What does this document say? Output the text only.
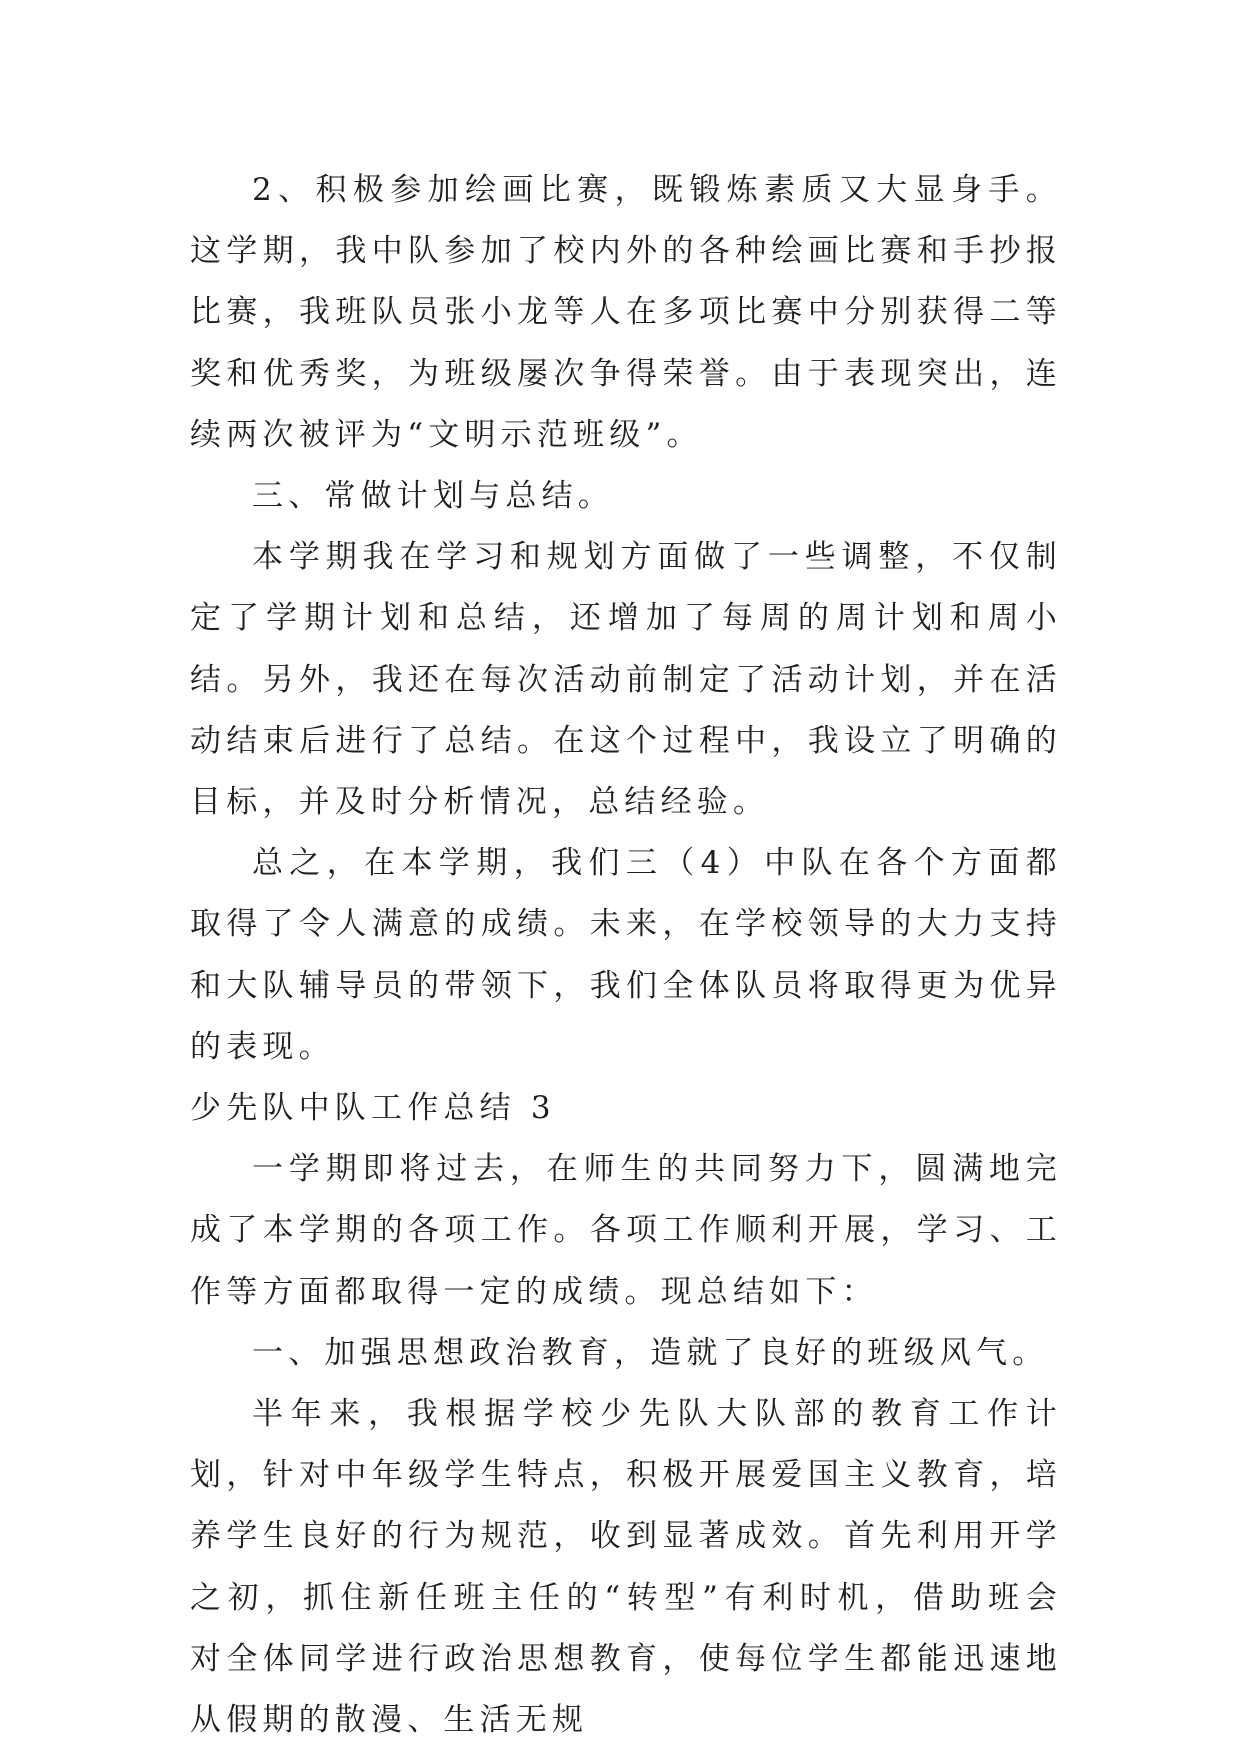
2、积极参加绘画比赛，既锻炼素质又大显身手。这学期，我中队参加了校内外的各种绘画比赛和手抄报比赛，我班队员张小龙等人在多项比赛中分别获得二等奖和优秀奖，为班级屡次争得荣誉。由于表现突出，连续两次被评为“文明示范班级”。

三、常做计划与总结。

本学期我在学习和规划方面做了一些调整，不仅制定了学期计划和总结，还增加了每周的周计划和周小结。另外，我还在每次活动前制定了活动计划，并在活动结束后进行了总结。在这个过程中，我设立了明确的目标，并及时分析情况，总结经验。

总之，在本学期，我们三（4）中队在各个方面都取得了令人满意的成绩。未来，在学校领导的大力支持和大队辅导员的带领下，我们全体队员将取得更为优异的表现。

少先队中队工作总结 3

一学期即将过去，在师生的共同努力下，圆满地完成了本学期的各项工作。各项工作顺利开展，学习、工作等方面都取得一定的成绩。现总结如下：

一、加强思想政治教育，造就了良好的班级风气。

半年来，我根据学校少先队大队部的教育工作计划，针对中年级学生特点，积极开展爱国主义教育，培养学生良好的行为规范，收到显著成效。首先利用开学之初，抓住新任班主任的“转型”有利时机，借助班会对全体同学进行政治思想教育，使每位学生都能迅速地从假期的散漫、生活无规
